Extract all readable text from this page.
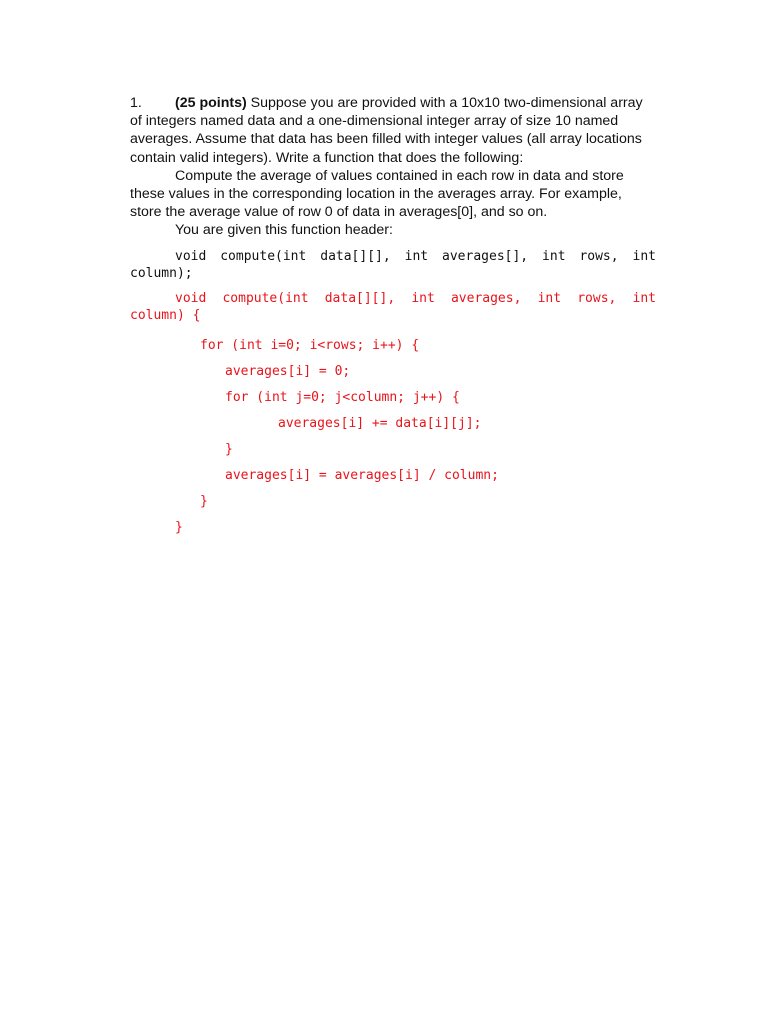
1. (25 points) Suppose you are provided with a 10x10 two-dimensional array of integers named data and a one-dimensional integer array of size 10 named averages. Assume that data has been filled with integer values (all array locations contain valid integers). Write a function that does the following:

Compute the average of values contained in each row in data and store these values in the corresponding location in the averages array. For example, store the average value of row 0 of data in averages[0], and so on.

You are given this function header:

void compute(int data[][], int averages[], int rows, int column);

void compute(int data[][], int averages, int rows, int column) {

for (int i=0; i<rows; i++) {
averages[i] = 0;
for (int j=0; j<column; j++) {
averages[i] += data[i][j];
}
averages[i] = averages[i] / column;
}
}
